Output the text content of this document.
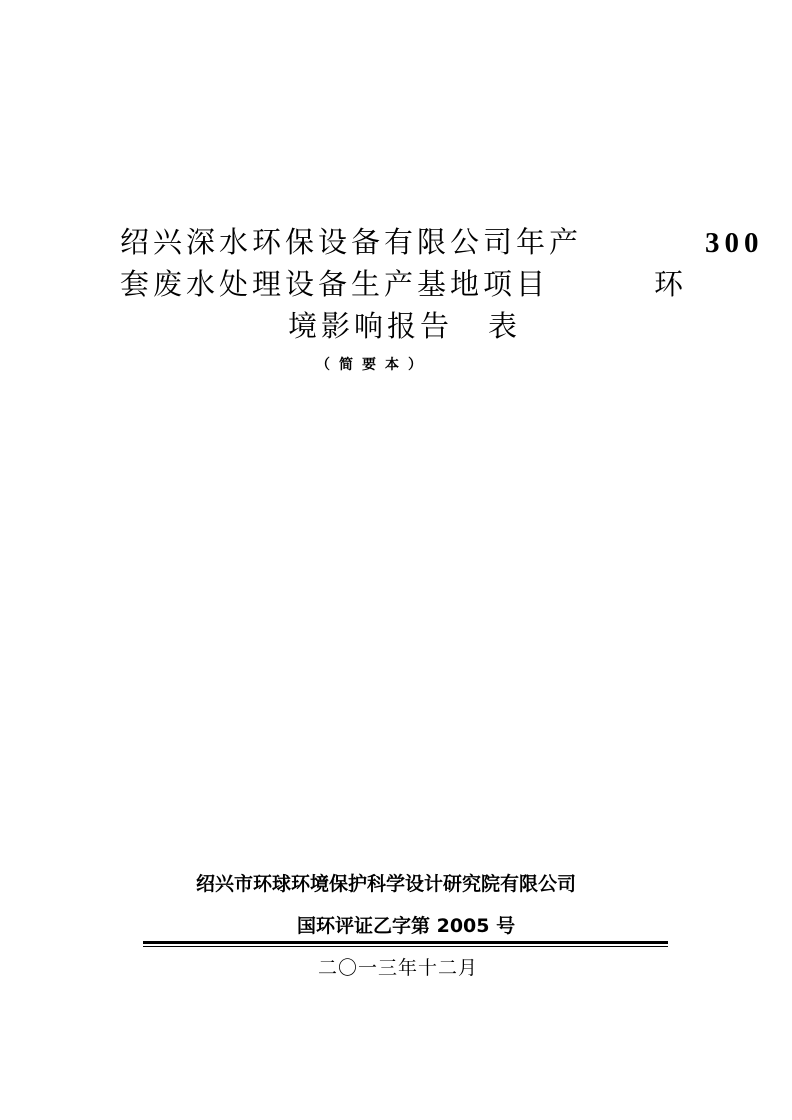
绍兴深水环保设备有限公司年产	300
套废水处理设备生产基地项目	环
境影响报告 表
（简要本）
绍兴市环球环境保护科学设计研究院有限公司
国环评证乙字第 2005 号
二〇一三年十二月
